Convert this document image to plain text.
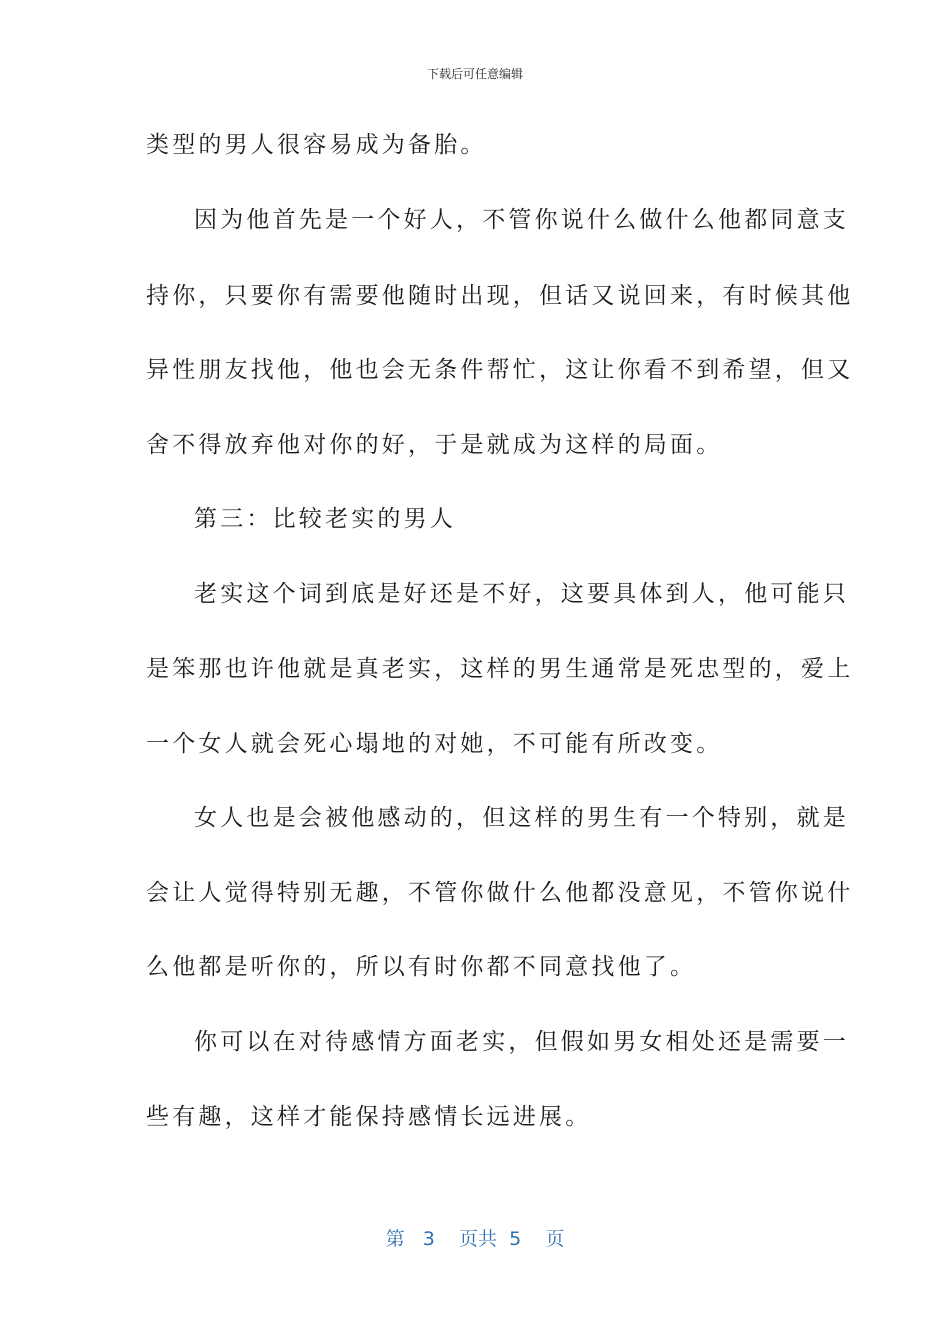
下载后可任意编辑
类型的男人很容易成为备胎。
因为他首先是一个好人，不管你说什么做什么他都同意支
持你，只要你有需要他随时出现，但话又说回来，有时候其他
异性朋友找他，他也会无条件帮忙，这让你看不到希望，但又
舍不得放弃他对你的好，于是就成为这样的局面。
第三：比较老实的男人
老实这个词到底是好还是不好，这要具体到人，他可能只
是笨那也许他就是真老实，这样的男生通常是死忠型的，爱上
一个女人就会死心塌地的对她，不可能有所改变。
女人也是会被他感动的，但这样的男生有一个特别，就是
会让人觉得特别无趣，不管你做什么他都没意见，不管你说什
么他都是听你的，所以有时你都不同意找他了。
你可以在对待感情方面老实，但假如男女相处还是需要一
些有趣，这样才能保持感情长远进展。
第 3 页共 5 页
